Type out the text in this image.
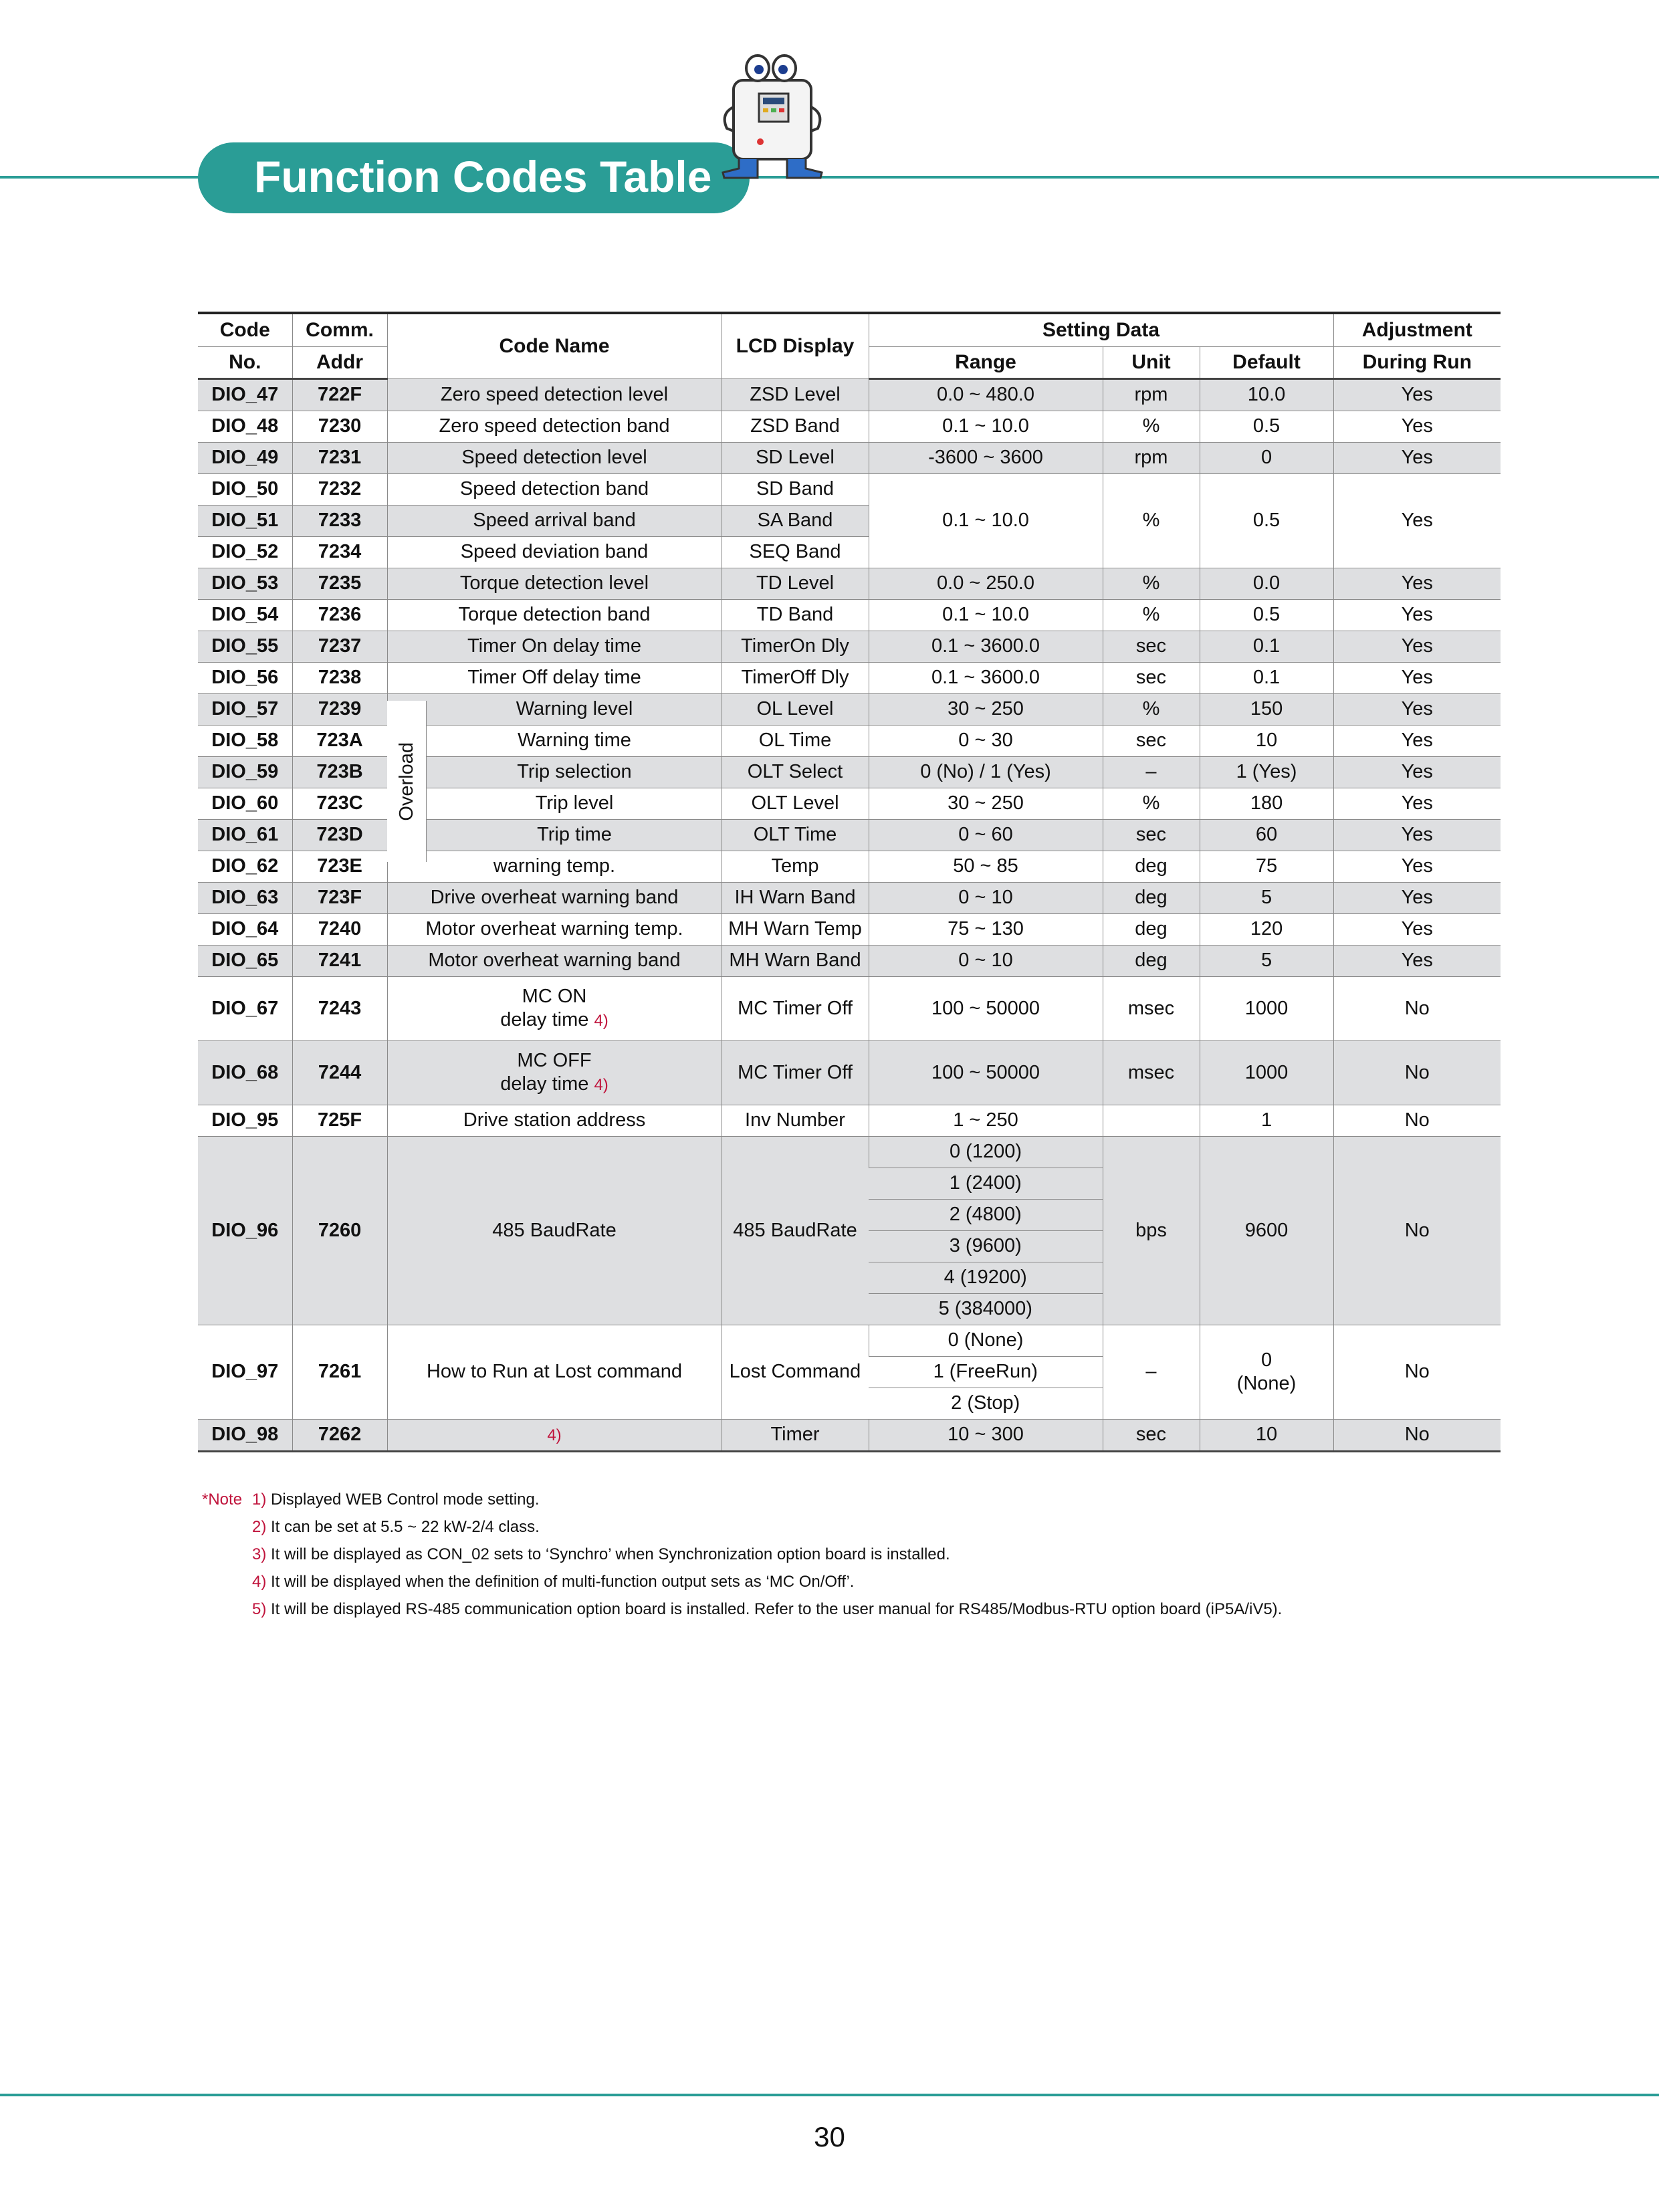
Function Codes Table
Code	Comm.	Code Name	LCD Display	Setting Data			Adjustment
No.	Addr			Range	Unit	Default	During Run
DIO_47	722F	Zero speed detection level	ZSD Level	0.0 ~ 480.0	rpm	10.0	Yes
DIO_48	7230	Zero speed detection band	ZSD Band	0.1 ~ 10.0	%	0.5	Yes
DIO_49	7231	Speed detection level	SD Level	-3600 ~ 3600	rpm	0	Yes
DIO_50	7232	Speed detection band	SD Band	0.1 ~ 10.0	%	0.5	Yes
DIO_51	7233	Speed arrival band	SA Band				
DIO_52	7234	Speed deviation band	SEQ Band				
DIO_53	7235	Torque detection level	TD Level	0.0 ~ 250.0	%	0.0	Yes
DIO_54	7236	Torque detection band	TD Band	0.1 ~ 10.0	%	0.5	Yes
DIO_55	7237	Timer On delay time	TimerOn Dly	0.1 ~ 3600.0	sec	0.1	Yes
DIO_56	7238	Timer Off delay time	TimerOff Dly	0.1 ~ 3600.0	sec	0.1	Yes
DIO_57	7239	Warning level	OL Level	30 ~ 250	%	150	Yes
DIO_58	723A	Warning time	OL Time	0 ~ 30	sec	10	Yes
DIO_59	723B	Trip selection	OLT Select	0 (No) / 1 (Yes)	–	1 (Yes)	Yes
DIO_60	723C	Trip level	OLT Level	30 ~ 250	%	180	Yes
DIO_61	723D	Trip time	OLT Time	0 ~ 60	sec	60	Yes
DIO_62	723E	warning temp.	Temp	50 ~ 85	deg	75	Yes
DIO_63	723F	Drive overheat warning band	IH Warn Band	0 ~ 10	deg	5	Yes
DIO_64	7240	Motor overheat warning temp.	MH Warn Temp	75 ~ 130	deg	120	Yes
DIO_65	7241	Motor overheat warning band	MH Warn Band	0 ~ 10	deg	5	Yes
DIO_67	7243	MC ON
delay time 4)	MC Timer Off	100 ~ 50000	msec	1000	No
DIO_68	7244	MC OFF
delay time 4)	MC Timer Off	100 ~ 50000	msec	1000	No
DIO_95	725F	Drive station address	Inv Number	1 ~ 250		1	No
DIO_96	7260	485 BaudRate	485 BaudRate	0 (1200)	bps	9600	No
				1 (2400)			
				2 (4800)			
				3 (9600)			
				4 (19200)			
				5 (384000)			
DIO_97	7261	How to Run at Lost command	Lost Command	0 (None)	–	0
(None)	No
				1 (FreeRun)			
				2 (Stop)			
DIO_98	7262	4)	Timer	10 ~ 300	sec	10	No
Overload
*Note 1) Displayed WEB Control mode setting.
2) It can be set at 5.5 ~ 22 kW-2/4 class.
3) It will be displayed as CON_02 sets to ‘Synchro’ when Synchronization option board is installed.
4) It will be displayed when the definition of multi-function output sets as ‘MC On/Off’.
5) It will be displayed RS-485 communication option board is installed. Refer to the user manual for RS485/Modbus-RTU option board (iP5A/iV5).
30
